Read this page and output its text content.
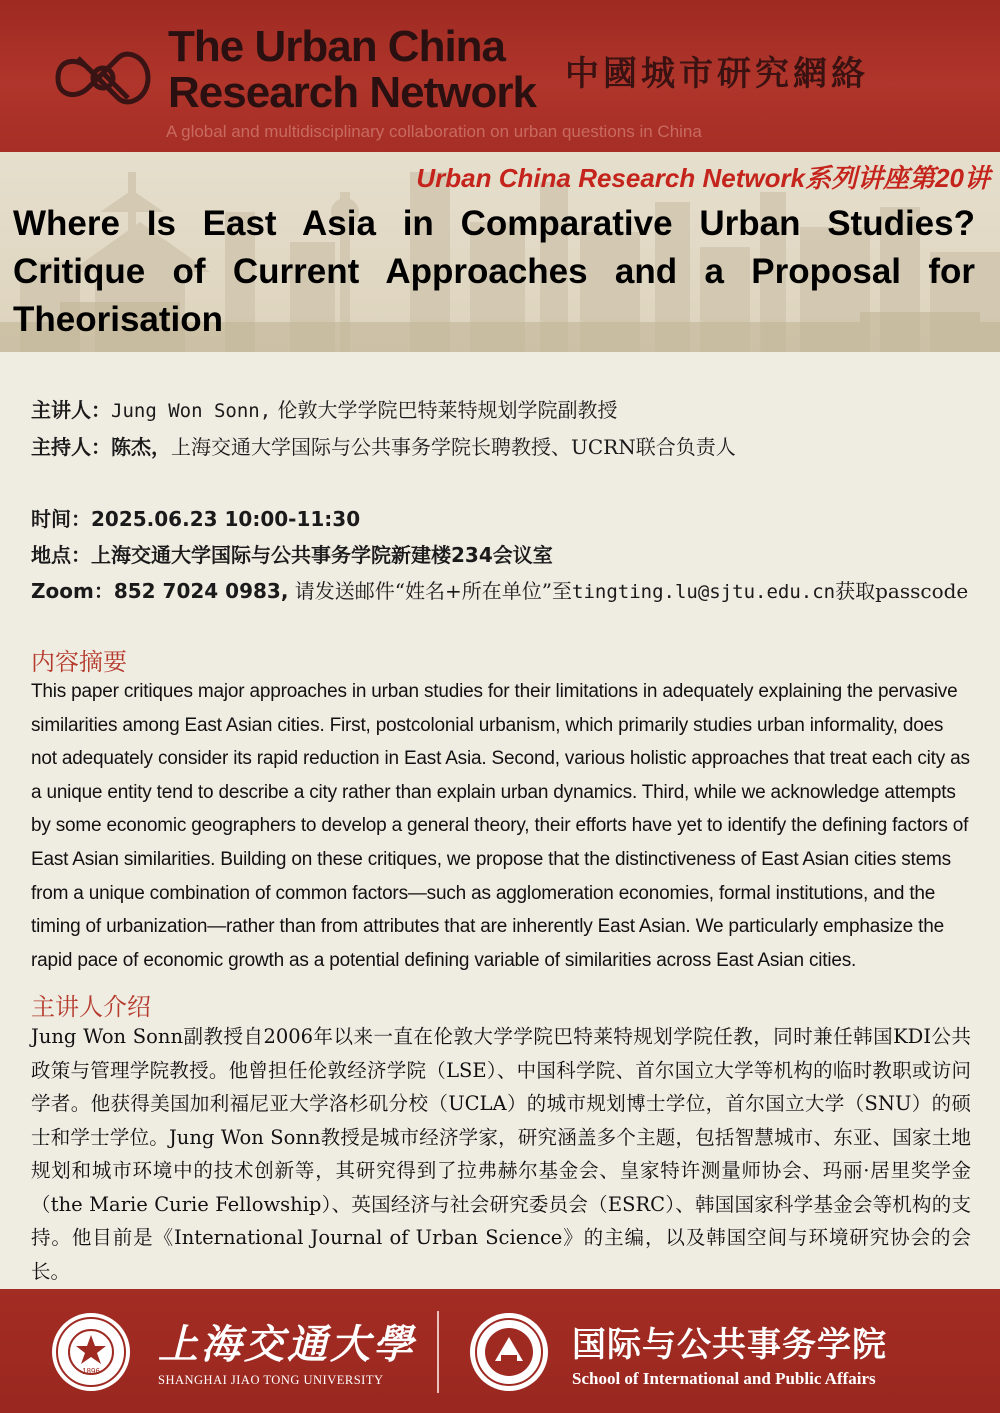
The Urban China
Research Network 中國城市研究網絡
A global and multidisciplinary collaboration on urban questions in China
Urban China Research Network系列讲座第20讲
Where Is East Asia in Comparative Urban Studies? Critique of Current Approaches and a Proposal for Theorisation
主讲人：Jung Won Sonn, 伦敦大学学院巴特莱特规划学院副教授
主持人：陈杰，上海交通大学国际与公共事务学院长聘教授、UCRN联合负责人
时间：2025.06.23 10:00-11:30
地点：上海交通大学国际与公共事务学院新建楼234会议室
Zoom：852 7024 0983, 请发送邮件“姓名+所在单位”至tingting.lu@sjtu.edu.cn获取passcode
内容摘要
This paper critiques major approaches in urban studies for their limitations in adequately explaining the pervasive similarities among East Asian cities. First, postcolonial urbanism, which primarily studies urban informality, does not adequately consider its rapid reduction in East Asia. Second, various holistic approaches that treat each city as a unique entity tend to describe a city rather than explain urban dynamics. Third, while we acknowledge attempts by some economic geographers to develop a general theory, their efforts have yet to identify the defining factors of East Asian similarities. Building on these critiques, we propose that the distinctiveness of East Asian cities stems from a unique combination of common factors—such as agglomeration economies, formal institutions, and the timing of urbanization—rather than from attributes that are inherently East Asian. We particularly emphasize the rapid pace of economic growth as a potential defining variable of similarities across East Asian cities.
主讲人介绍
Jung Won Sonn副教授自2006年以来一直在伦敦大学学院巴特莱特规划学院任教，同时兼任韩国KDI公共政策与管理学院教授。他曾担任伦敦经济学院（LSE）、中国科学院、首尔国立大学等机构的临时教职或访问学者。他获得美国加利福尼亚大学洛杉矶分校（UCLA）的城市规划博士学位，首尔国立大学（SNU）的硕士和学士学位。Jung Won Sonn教授是城市经济学家，研究涵盖多个主题，包括智慧城市、东亚、国家土地规划和城市环境中的技术创新等，其研究得到了拉弗赫尔基金会、皇家特许测量师协会、玛丽·居里奖学金（the Marie Curie Fellowship）、英国经济与社会研究委员会（ESRC）、韩国国家科学基金会等机构的支持。他目前是《International Journal of Urban Science》的主编，以及韩国空间与环境研究协会的会长。
1896
上海交通大學
SHANGHAI JIAO TONG UNIVERSITY
国际与公共事务学院
School of International and Public Affairs
